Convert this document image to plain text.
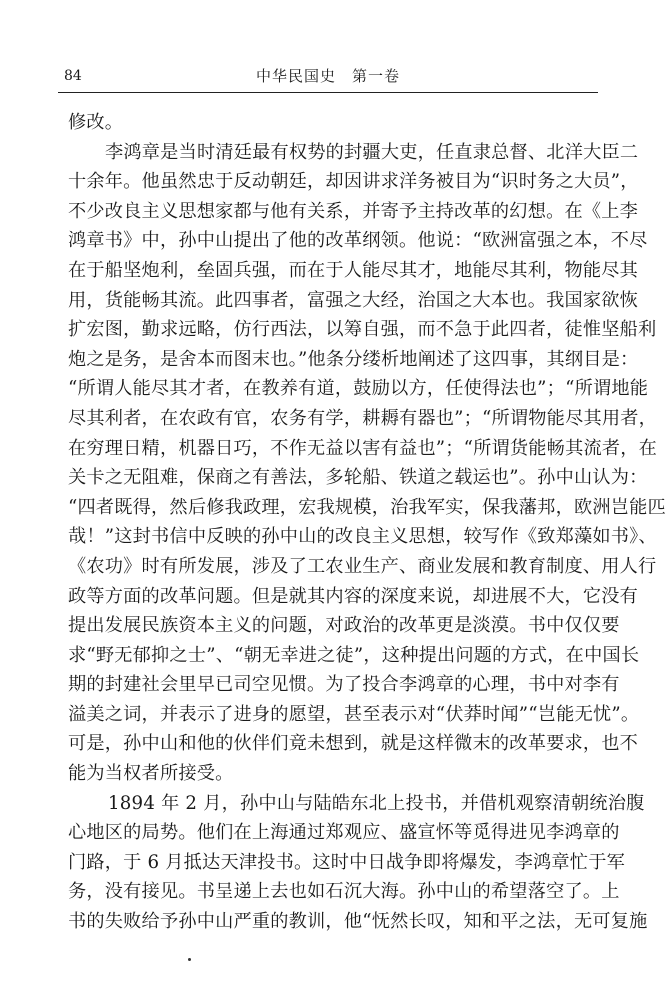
84	中华民国史　第一卷
修改。
李鸿章是当时清廷最有权势的封疆大吏，任直隶总督、北洋大臣二
十余年。他虽然忠于反动朝廷，却因讲求洋务被目为“识时务之大员”，
不少改良主义思想家都与他有关系，并寄予主持改革的幻想。在《上李
鸿章书》中，孙中山提出了他的改革纲领。他说：“欧洲富强之本，不尽
在于船坚炮利，垒固兵强，而在于人能尽其才，地能尽其利，物能尽其
用，货能畅其流。此四事者，富强之大经，治国之大本也。我国家欲恢
扩宏图，勤求远略，仿行西法，以筹自强，而不急于此四者，徒惟坚船利
炮之是务，是舍本而图末也。”他条分缕析地阐述了这四事，其纲目是：
“所谓人能尽其才者，在教养有道，鼓励以方，任使得法也”；“所谓地能
尽其利者，在农政有官，农务有学，耕耨有器也”；“所谓物能尽其用者，
在穷理日精，机器日巧，不作无益以害有益也”；“所谓货能畅其流者，在
关卡之无阻难，保商之有善法，多轮船、铁道之载运也”。孙中山认为：
“四者既得，然后修我政理，宏我规模，治我军实，保我藩邦，欧洲岂能匹
哉！”这封书信中反映的孙中山的改良主义思想，较写作《致郑藻如书》、
《农功》时有所发展，涉及了工农业生产、商业发展和教育制度、用人行
政等方面的改革问题。但是就其内容的深度来说，却进展不大，它没有
提出发展民族资本主义的问题，对政治的改革更是淡漠。书中仅仅要
求“野无郁抑之士”、“朝无幸进之徒”，这种提出问题的方式，在中国长
期的封建社会里早已司空见惯。为了投合李鸿章的心理，书中对李有
溢美之词，并表示了进身的愿望，甚至表示对“伏莽时闻”“岂能无忧”。
可是，孙中山和他的伙伴们竟未想到，就是这样微末的改革要求，也不
能为当权者所接受。
1894 年 2 月，孙中山与陆皓东北上投书，并借机观察清朝统治腹
心地区的局势。他们在上海通过郑观应、盛宣怀等觅得进见李鸿章的
门路，于 6 月抵达天津投书。这时中日战争即将爆发，李鸿章忙于军
务，没有接见。书呈递上去也如石沉大海。孙中山的希望落空了。上
书的失败给予孙中山严重的教训，他“怃然长叹，知和平之法，无可复施
